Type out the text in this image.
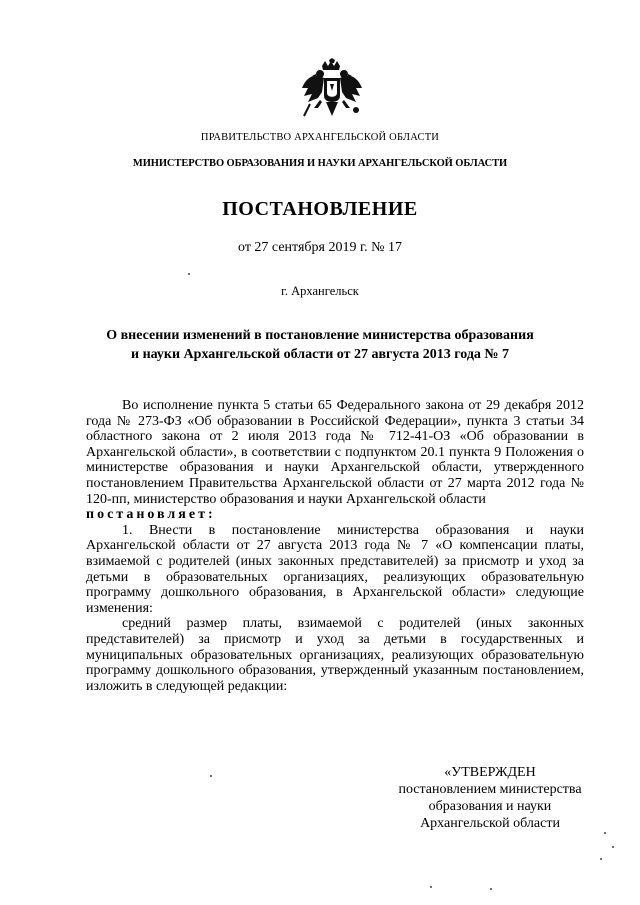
ПРАВИТЕЛЬСТВО АРХАНГЕЛЬСКОЙ ОБЛАСТИ
МИНИСТЕРСТВО ОБРАЗОВАНИЯ И НАУКИ АРХАНГЕЛЬСКОЙ ОБЛАСТИ
ПОСТАНОВЛЕНИЕ
от 27 сентября 2019 г. № 17
г. Архангельск
О внесении изменений в постановление министерства образования
и науки Архангельской области от 27 августа 2013 года № 7

Во исполнение пункта 5 статьи 65 Федерального закона от 29 декабря 2012 года № 273-ФЗ «Об образовании в Российской Федерации», пункта 3 статьи 34 областного закона от 2 июля 2013 года № 712-41-ОЗ «Об образовании в Архангельской области», в соответствии с подпунктом 20.1 пункта 9 Положения о министерстве образования и науки Архангельской области, утвержденного постановлением Правительства Архангельской области от 27 марта 2012 года № 120-пп, министерство образования и науки Архангельской области

постановляет:

1. Внести в постановление министерства образования и науки Архангельской области от 27 августа 2013 года № 7 «О компенсации платы, взимаемой с родителей (иных законных представителей) за присмотр и уход за детьми в образовательных организациях, реализующих образовательную программу дошкольного образования, в Архангельской области» следующие изменения:

средний размер платы, взимаемой с родителей (иных законных представителей) за присмотр и уход за детьми в государственных и муниципальных образовательных организациях, реализующих образовательную программу дошкольного образования, утвержденный указанным постановлением, изложить в следующей редакции:

«УТВЕРЖДЕН
постановлением министерства
образования и науки
Архангельской области
